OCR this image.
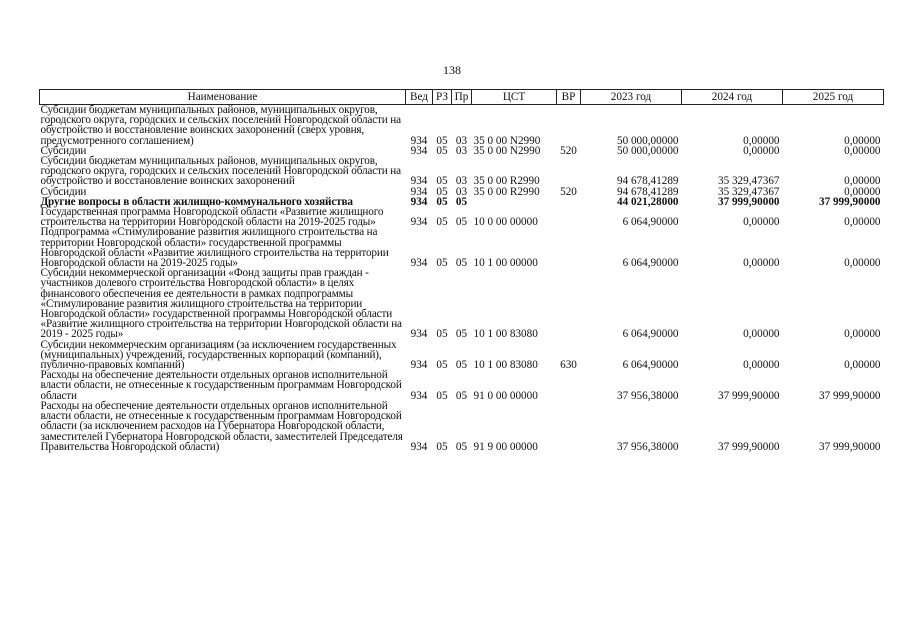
138
Наименование	Вед	РЗ	Пр	ЦСТ	ВР	2023 год	2024 год	2025 год
Субсидии бюджетам муниципальных районов, муниципальных округов, городского округа, городских и сельских поселений Новгородской области на обустройство и восстановление воинских захоронений (сверх уровня, предусмотренного соглашением)	934	05	03	35 0 00 N2990		50 000,00000	0,00000	0,00000
Субсидии	934	05	03	35 0 00 N2990	520	50 000,00000	0,00000	0,00000
Субсидии бюджетам муниципальных районов, муниципальных округов, городского округа, городских и сельских поселений Новгородской области на обустройство и восстановление воинских захоронений	934	05	03	35 0 00 R2990		94 678,41289	35 329,47367	0,00000
Субсидии	934	05	03	35 0 00 R2990	520	94 678,41289	35 329,47367	0,00000
Другие вопросы в области жилищно-коммунального хозяйства	934	05	05			44 021,28000	37 999,90000	37 999,90000
Государственная программа Новгородской области «Развитие жилищного строительства на территории Новгородской области на 2019-2025 годы»	934	05	05	10 0 00 00000		6 064,90000	0,00000	0,00000
Подпрограмма «Стимулирование развития жилищного строительства на территории Новгородской области» государственной программы Новгородской области «Развитие жилищного строительства на территории Новгородской области на 2019-2025 годы»	934	05	05	10 1 00 00000		6 064,90000	0,00000	0,00000
Субсидии некоммерческой организации «Фонд защиты прав граждан - участников долевого строительства Новгородской области» в целях финансового обеспечения ее деятельности в рамках подпрограммы «Стимулирование развития жилищного строительства на территории Новгородской области» государственной программы Новгородской области «Развитие жилищного строительства на территории Новгородской области на 2019 - 2025 годы»	934	05	05	10 1 00 83080		6 064,90000	0,00000	0,00000
Субсидии некоммерческим организациям (за исключением государственных (муниципальных) учреждений, государственных корпораций (компаний), публично-правовых компаний)	934	05	05	10 1 00 83080	630	6 064,90000	0,00000	0,00000
Расходы на обеспечение деятельности отдельных органов исполнительной власти области, не отнесенные к государственным программам Новгородской области	934	05	05	91 0 00 00000		37 956,38000	37 999,90000	37 999,90000
Расходы на обеспечение деятельности отдельных органов исполнительной власти области, не отнесенные к государственным программам Новгородской области (за исключением расходов на Губернатора Новгородской области, заместителей Губернатора Новгородской области, заместителей Председателя Правительства Новгородской области)	934	05	05	91 9 00 00000		37 956,38000	37 999,90000	37 999,90000
